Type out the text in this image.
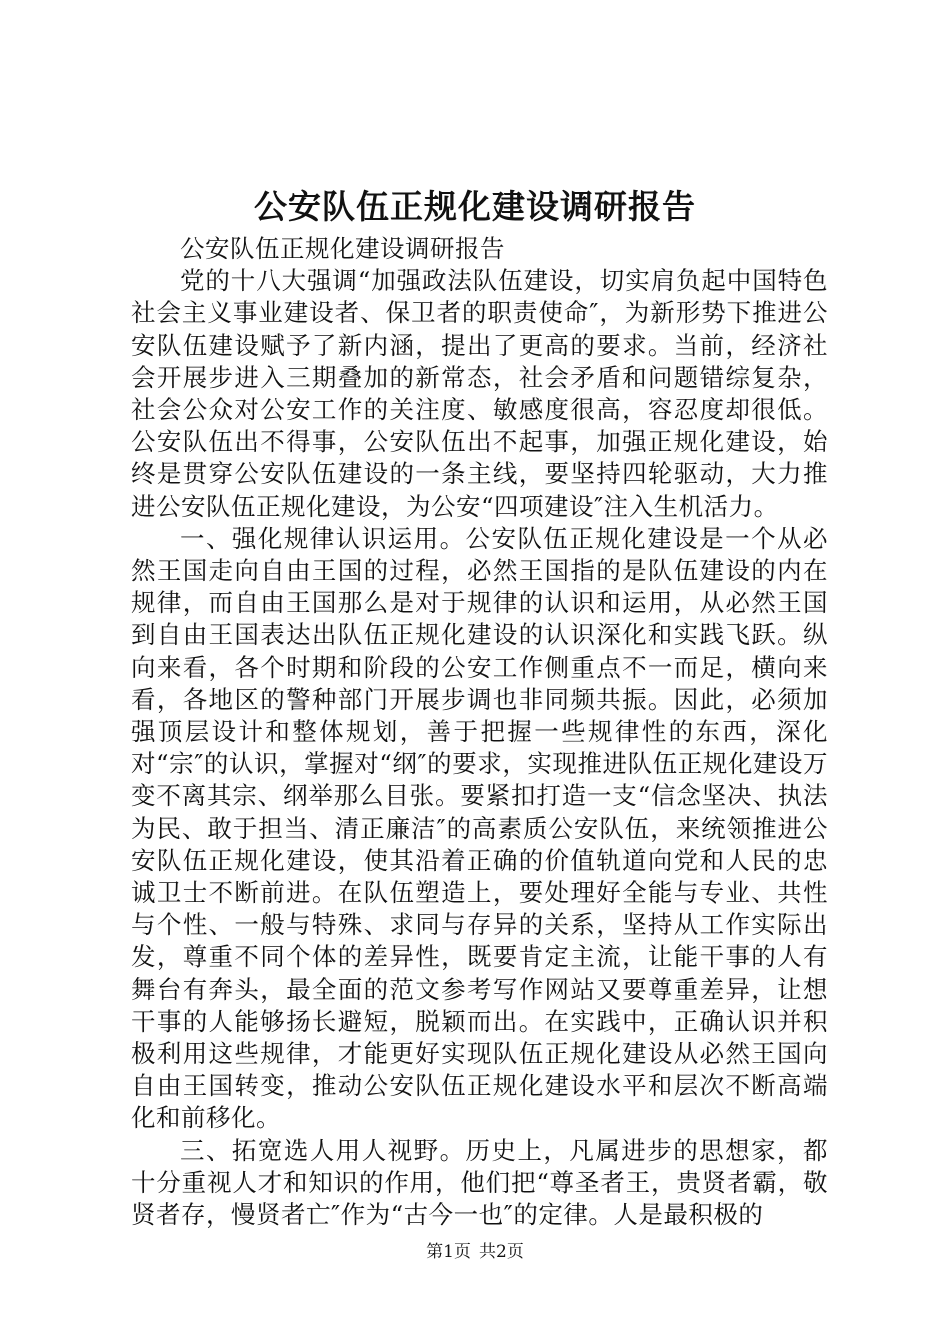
公安队伍正规化建设调研报告

公安队伍正规化建设调研报告

党的十八大强调“加强政法队伍建设，切实肩负起中国特色社会主义事业建设者、保卫者的职责使命″，为新形势下推进公安队伍建设赋予了新内涵，提出了更高的要求。当前，经济社会开展步进入三期叠加的新常态，社会矛盾和问题错综复杂，社会公众对公安工作的关注度、敏感度很高，容忍度却很低。公安队伍出不得事，公安队伍出不起事，加强正规化建设，始终是贯穿公安队伍建设的一条主线，要坚持四轮驱动，大力推进公安队伍正规化建设，为公安“四项建设″注入生机活力。

一、强化规律认识运用。公安队伍正规化建设是一个从必然王国走向自由王国的过程，必然王国指的是队伍建设的内在规律，而自由王国那么是对于规律的认识和运用，从必然王国到自由王国表达出队伍正规化建设的认识深化和实践飞跃。纵向来看，各个时期和阶段的公安工作侧重点不一而足，横向来看，各地区的警种部门开展步调也非同频共振。因此，必须加强顶层设计和整体规划，善于把握一些规律性的东西，深化对“宗″的认识，掌握对“纲″的要求，实现推进队伍正规化建设万变不离其宗、纲举那么目张。要紧扣打造一支“信念坚决、执法为民、敢于担当、清正廉洁″的高素质公安队伍，来统领推进公安队伍正规化建设，使其沿着正确的价值轨道向党和人民的忠诚卫士不断前进。在队伍塑造上，要处理好全能与专业、共性与个性、一般与特殊、求同与存异的关系，坚持从工作实际出发，尊重不同个体的差异性，既要肯定主流，让能干事的人有舞台有奔头，最全面的范文参考写作网站又要尊重差异，让想干事的人能够扬长避短，脱颖而出。在实践中，正确认识并积极利用这些规律，才能更好实现队伍正规化建设从必然王国向自由王国转变，推动公安队伍正规化建设水平和层次不断高端化和前移化。

三、拓宽选人用人视野。历史上，凡属进步的思想家，都十分重视人才和知识的作用，他们把“尊圣者王，贵贤者霸，敬贤者存，慢贤者亡″作为“古今一也″的定律。人是最积极的

第1页 共2页
